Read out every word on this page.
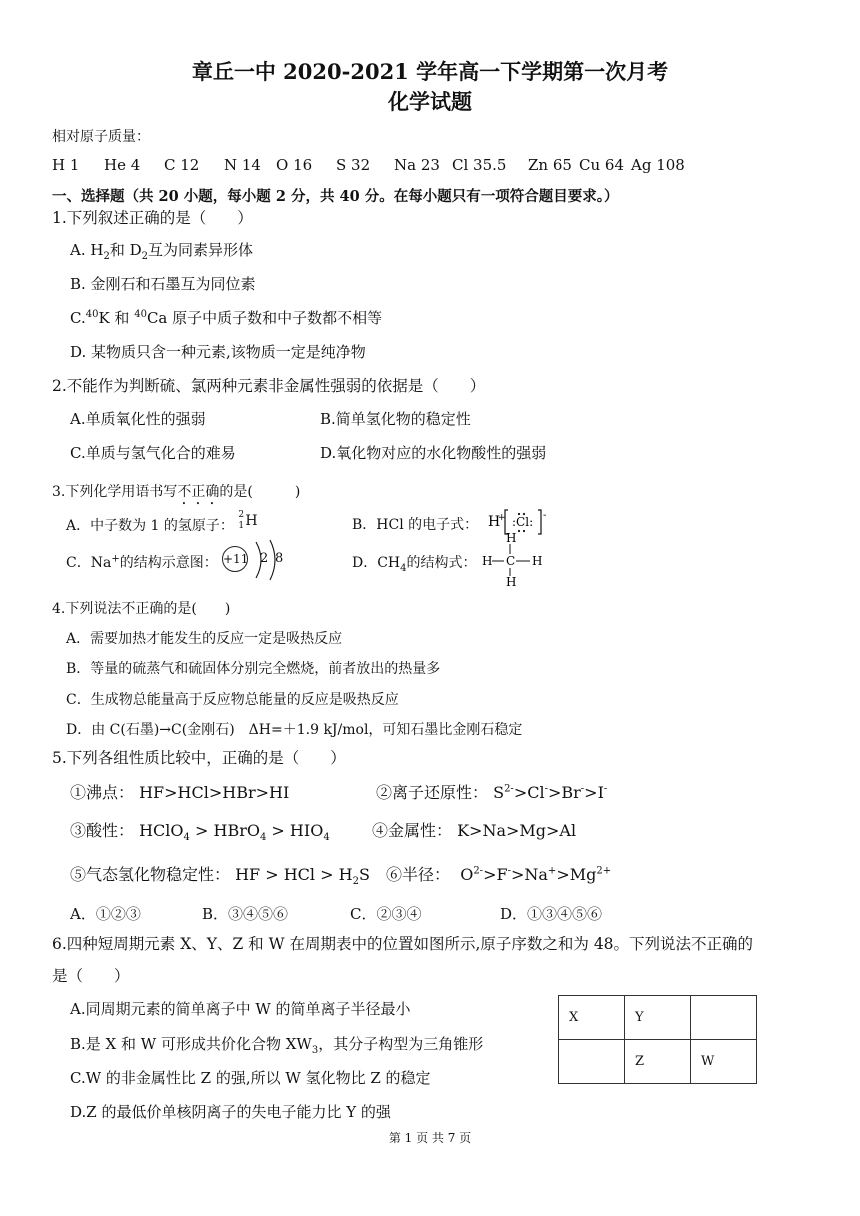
章丘一中 2020-2021 学年高一下学期第一次月考
化学试题
相对原子质量：
H 1 He 4 C 12 N 14 O 16 S 32 Na 23 Cl 35.5 Zn 65 Cu 64 Ag 108
一、选择题（共 20 小题，每小题 2 分，共 40 分。在每小题只有一项符合题目要求。）
1.下列叙述正确的是（　　）
A. $H_2$和 $D_2$互为同素异形体
B. 金刚石和石墨互为同位素
C.$^{40}$K 和 $^{40}$Ca 原子中质子数和中子数都不相等
D. 某物质只含一种元素,该物质一定是纯净物
2.不能作为判断硫、氯两种元素非金属性强弱的依据是（　　）
A.单质氧化性的强弱	B.简单氢化物的稳定性
C.单质与氢气化合的难易	D.氧化物对应的水化物酸性的强弱
3.下列化学用语书写不正确的是(　　　)
A．中子数为 1 的氢原子：
2
1 H	B．HCl 的电子式： H
+ :Cl: -
C．Na+的结构示意图： +11 2 8	D．$CH_4$的结构式：
H
H C H
H
4.下列说法不正确的是(　　)
A．需要加热才能发生的反应一定是吸热反应
B．等量的硫蒸气和硫固体分别完全燃烧，前者放出的热量多
C．生成物总能量高于反应物总能量的反应是吸热反应
D．由 C(石墨)→C(金刚石)　ΔH=＋1.9 kJ/mol，可知石墨比金刚石稳定
5.下列各组性质比较中，正确的是（　　）
①沸点： HF>HCl>HBr>HI	②离子还原性： $S^{2-}>Cl^->Br^->I^-$
③酸性： HClO$_4$ > HBrO$_4$ > $HIO_4$	④金属性： K>Na>Mg>Al
⑤气态氢化物稳定性： HF > HCl > $H_2S$ ⑥半径：  $O^{2-}>F^->Na^+>Mg^{2+}$
A．①②③	B．③④⑤⑥	C．②③④	D．①③④⑤⑥
6.四种短周期元素 X、Y、Z 和 W 在周期表中的位置如图所示,原子序数之和为 48。下列说法不正确的
是（　　）
A.同周期元素的简单离子中 W 的简单离子半径最小
B.是 X 和 W 可形成共价化合物 $XW_3$，其分子构型为三角锥形
C.W 的非金属性比 Z 的强,所以 W 氢化物比 Z 的稳定
D.Z 的最低价单核阴离子的失电子能力比 Y 的强
X	Y	
	Z	W
第 1 页 共 7 页
